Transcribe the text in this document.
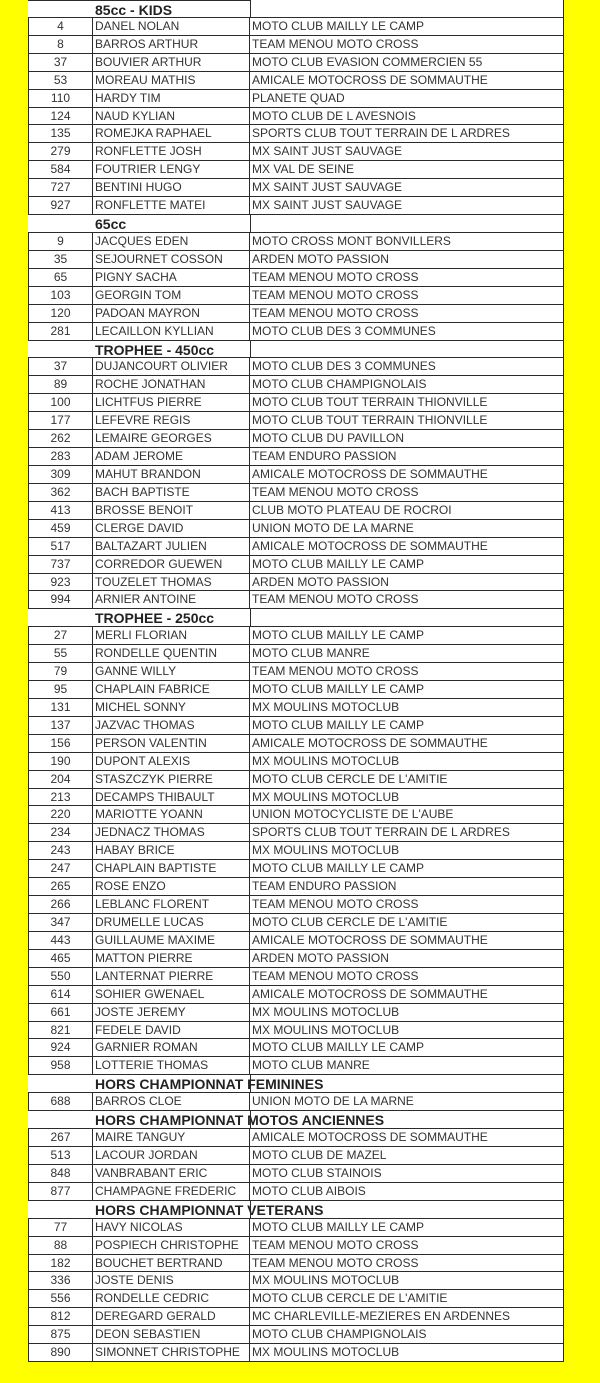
85cc - KIDS
4	DANEL NOLAN	MOTO CLUB MAILLY LE CAMP
8	BARROS ARTHUR	TEAM MENOU MOTO CROSS
37	BOUVIER ARTHUR	MOTO CLUB EVASION COMMERCIEN 55
53	MOREAU MATHIS	AMICALE MOTOCROSS DE SOMMAUTHE
110	HARDY TIM	PLANETE QUAD
124	NAUD KYLIAN	MOTO CLUB DE L AVESNOIS
135	ROMEJKA RAPHAEL	SPORTS CLUB TOUT TERRAIN DE L ARDRES
279	RONFLETTE JOSH	MX SAINT JUST SAUVAGE
584	FOUTRIER LENGY	MX VAL DE SEINE
727	BENTINI HUGO	MX SAINT JUST SAUVAGE
927	RONFLETTE MATEI	MX SAINT JUST SAUVAGE
65cc
9	JACQUES EDEN	MOTO CROSS MONT BONVILLERS
35	SEJOURNET COSSON	ARDEN MOTO PASSION
65	PIGNY SACHA	TEAM MENOU MOTO CROSS
103	GEORGIN TOM	TEAM MENOU MOTO CROSS
120	PADOAN MAYRON	TEAM MENOU MOTO CROSS
281	LECAILLON KYLLIAN	MOTO CLUB DES 3 COMMUNES
TROPHEE - 450cc
37	DUJANCOURT OLIVIER	MOTO CLUB DES 3 COMMUNES
89	ROCHE JONATHAN	MOTO CLUB CHAMPIGNOLAIS
100	LICHTFUS PIERRE	MOTO CLUB TOUT TERRAIN THIONVILLE
177	LEFEVRE REGIS	MOTO CLUB TOUT TERRAIN THIONVILLE
262	LEMAIRE GEORGES	MOTO CLUB DU PAVILLON
283	ADAM JEROME	TEAM ENDURO PASSION
309	MAHUT BRANDON	AMICALE MOTOCROSS DE SOMMAUTHE
362	BACH BAPTISTE	TEAM MENOU MOTO CROSS
413	BROSSE BENOIT	CLUB MOTO PLATEAU DE ROCROI
459	CLERGE DAVID	UNION MOTO DE LA MARNE
517	BALTAZART JULIEN	AMICALE MOTOCROSS DE SOMMAUTHE
737	CORREDOR GUEWEN	MOTO CLUB MAILLY LE CAMP
923	TOUZELET THOMAS	ARDEN MOTO PASSION
994	ARNIER ANTOINE	TEAM MENOU MOTO CROSS
TROPHEE - 250cc
27	MERLI FLORIAN	MOTO CLUB MAILLY LE CAMP
55	RONDELLE QUENTIN	MOTO CLUB MANRE
79	GANNE WILLY	TEAM MENOU MOTO CROSS
95	CHAPLAIN FABRICE	MOTO CLUB MAILLY LE CAMP
131	MICHEL SONNY	MX MOULINS MOTOCLUB
137	JAZVAC THOMAS	MOTO CLUB MAILLY LE CAMP
156	PERSON VALENTIN	AMICALE MOTOCROSS DE SOMMAUTHE
190	DUPONT ALEXIS	MX MOULINS MOTOCLUB
204	STASZCZYK PIERRE	MOTO CLUB CERCLE DE L'AMITIE
213	DECAMPS THIBAULT	MX MOULINS MOTOCLUB
220	MARIOTTE YOANN	UNION MOTOCYCLISTE DE L'AUBE
234	JEDNACZ THOMAS	SPORTS CLUB TOUT TERRAIN DE L ARDRES
243	HABAY BRICE	MX MOULINS MOTOCLUB
247	CHAPLAIN BAPTISTE	MOTO CLUB MAILLY LE CAMP
265	ROSE ENZO	TEAM ENDURO PASSION
266	LEBLANC FLORENT	TEAM MENOU MOTO CROSS
347	DRUMELLE LUCAS	MOTO CLUB CERCLE DE L'AMITIE
443	GUILLAUME MAXIME	AMICALE MOTOCROSS DE SOMMAUTHE
465	MATTON PIERRE	ARDEN MOTO PASSION
550	LANTERNAT PIERRE	TEAM MENOU MOTO CROSS
614	SOHIER GWENAEL	AMICALE MOTOCROSS DE SOMMAUTHE
661	JOSTE JEREMY	MX MOULINS MOTOCLUB
821	FEDELE DAVID	MX MOULINS MOTOCLUB
924	GARNIER ROMAN	MOTO CLUB MAILLY LE CAMP
958	LOTTERIE THOMAS	MOTO CLUB MANRE
HORS CHAMPIONNAT FEMININES
688	BARROS CLOE	UNION MOTO DE LA MARNE
HORS CHAMPIONNAT MOTOS ANCIENNES
267	MAIRE TANGUY	AMICALE MOTOCROSS DE SOMMAUTHE
513	LACOUR JORDAN	MOTO CLUB DE MAZEL
848	VANBRABANT ERIC	MOTO CLUB STAINOIS
877	CHAMPAGNE FREDERIC	MOTO CLUB AIBOIS
HORS CHAMPIONNAT VETERANS
77	HAVY NICOLAS	MOTO CLUB MAILLY LE CAMP
88	POSPIECH CHRISTOPHE	TEAM MENOU MOTO CROSS
182	BOUCHET BERTRAND	TEAM MENOU MOTO CROSS
336	JOSTE DENIS	MX MOULINS MOTOCLUB
556	RONDELLE CEDRIC	MOTO CLUB CERCLE DE L'AMITIE
812	DEREGARD GERALD	MC CHARLEVILLE-MEZIERES EN ARDENNES
875	DEON SEBASTIEN	MOTO CLUB CHAMPIGNOLAIS
890	SIMONNET CHRISTOPHE	MX MOULINS MOTOCLUB
